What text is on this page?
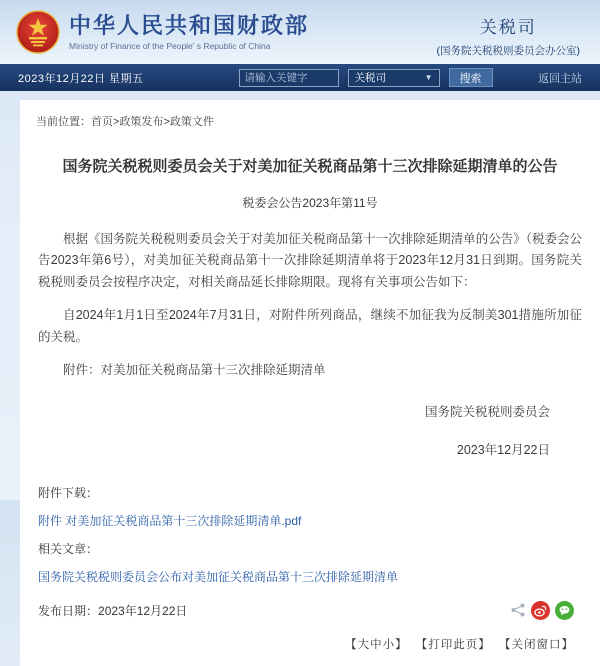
中华人民共和国财政部
Ministry of Finance of the People' s Republic of China
关税司
(国务院关税税则委员会办公室)
2023年12月22日 星期五
请输入关键字	关税司	▼	搜索	返回主站
当前位置：首页>政策发布>政策文件
国务院关税税则委员会关于对美加征关税商品第十三次排除延期清单的公告
税委会公告2023年第11号

根据《国务院关税税则委员会关于对美加征关税商品第十一次排除延期清单的公告》（税委会公告2023年第6号），对美加征关税商品第十一次排除延期清单将于2023年12月31日到期。国务院关税税则委员会按程序决定，对相关商品延长排除期限。现将有关事项公告如下：

自2024年1月1日至2024年7月31日，对附件所列商品，继续不加征我为反制美301措施所加征的关税。

附件：对美加征关税商品第十三次排除延期清单

国务院关税税则委员会
2023年12月22日
附件下载：
附件 对美加征关税商品第十三次排除延期清单.pdf
相关文章：
国务院关税税则委员会公布对美加征关税商品第十三次排除延期清单
发布日期：2023年12月22日
【大中小】 【打印此页】 【关闭窗口】
